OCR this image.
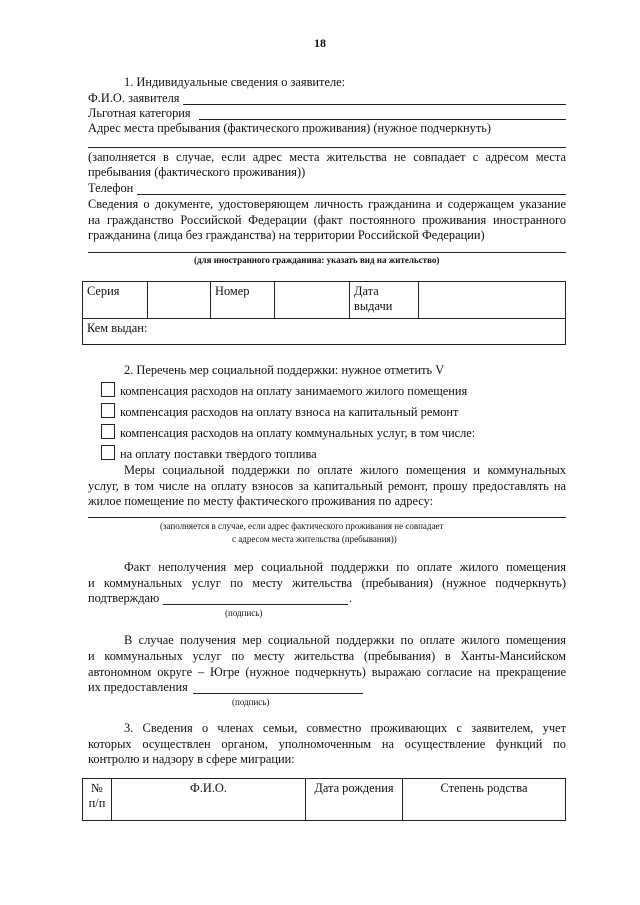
18
1. Индивидуальные сведения о заявителе:
Ф.И.О. заявителя
Льготная категория
Адрес места пребывания (фактического проживания) (нужное подчеркнуть)
(заполняется в случае, если адрес места жительства не совпадает с адресом места
пребывания (фактического проживания))
Телефон
Сведения о документе, удостоверяющем личность гражданина и содержащем указание
на гражданство Российской Федерации (факт постоянного проживания иностранного
гражданина (лица без гражданства) на территории Российской Федерации)
(для иностранного гражданина: указать вид на жительство)
Серия		Номер		Дата
выдачи

Кем выдан:
2. Перечень мер социальной поддержки: нужное отметить V
компенсация расходов на оплату занимаемого жилого помещения
компенсация расходов на оплату взноса на капитальный ремонт
компенсация расходов на оплату коммунальных услуг, в том числе:
на оплату поставки твердого топлива
Меры социальной поддержки по оплате жилого помещения и коммунальных
услуг, в том числе на оплату взносов за капитальный ремонт, прошу предоставлять на
жилое помещение по месту фактического проживания по адресу:
(заполняется в случае, если адрес фактического проживания не совпадает
с адресом места жительства (пребывания))
Факт неполучения мер социальной поддержки по оплате жилого помещения
и коммунальных услуг по месту жительства (пребывания) (нужное подчеркнуть)
подтверждаю	.
(подпись)
В случае получения мер социальной поддержки по оплате жилого помещения
и коммунальных услуг по месту жительства (пребывания) в Ханты-Мансийском
автономном округе – Югре (нужное подчеркнуть) выражаю согласие на прекращение
их предоставления
(подпись)
3. Сведения о членах семьи, совместно проживающих с заявителем, учет
которых осуществлен органом, уполномоченным на осуществление функций по
контролю и надзору в сфере миграции:
№
п/п
	Ф.И.О.	Дата рождения	Степень родства
